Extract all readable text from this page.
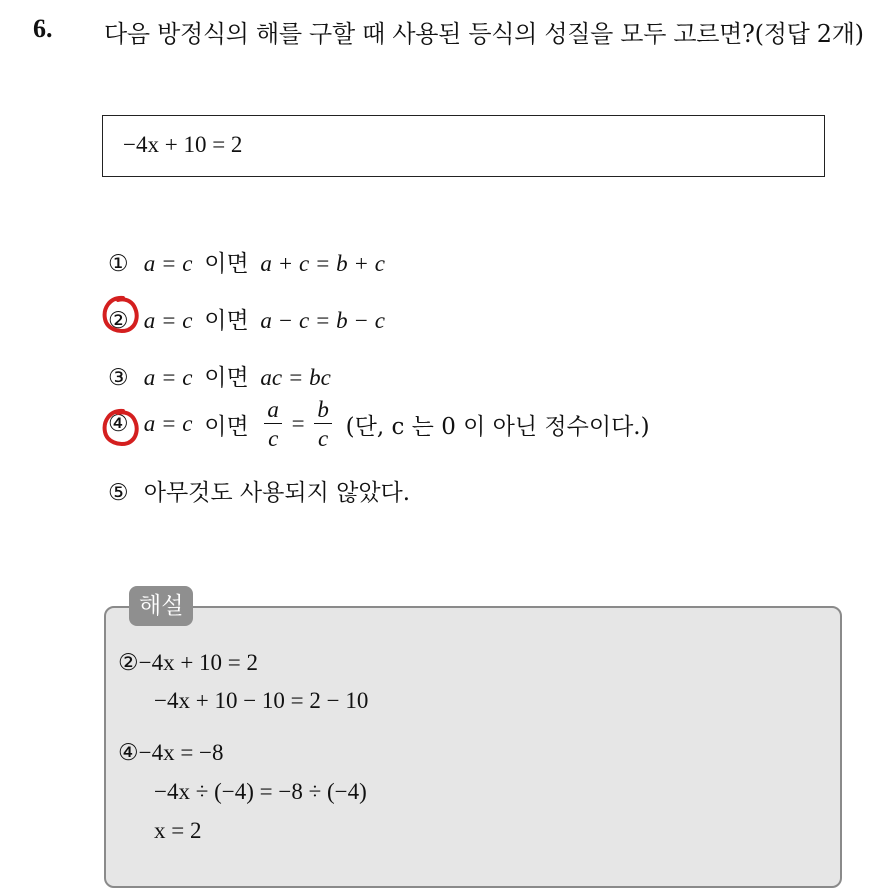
6. 다음 방정식의 해를 구할 때 사용된 등식의 성질을 모두 고르면?(정답 2개)
−4x + 10 = 2
① a = c 이면 a + c = b + c
② a = c 이면 a − c = b − c
③ a = c 이면 ac = bc
④ a = c 이면 $\frac{a}{c} = \frac{b}{c}$ (단, c 는 0 이 아닌 정수이다.)
⑤ 아무것도 사용되지 않았다.
해설
②−4x + 10 = 2
−4x + 10 − 10 = 2 − 10
④−4x = −8
−4x ÷ (−4) = −8 ÷ (−4)
x = 2
